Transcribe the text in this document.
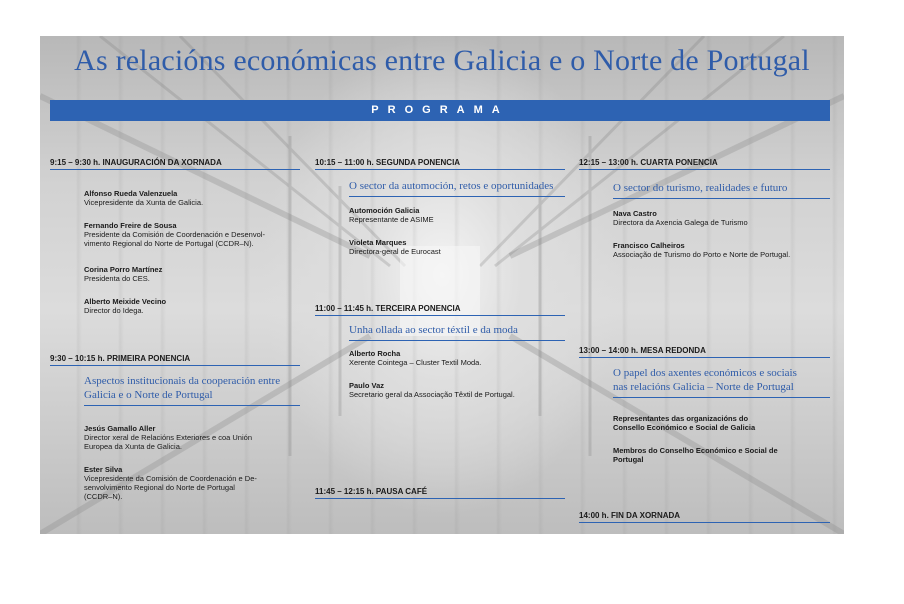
As relacións económicas entre Galicia e o Norte de Portugal
PROGRAMA
9:15 – 9:30 h. INAUGURACIÓN DA XORNADA
Alfonso Rueda Valenzuela
Vicepresidente da Xunta de Galicia.
Fernando Freire de Sousa
Presidente da Comisión de Coordenación e Desenvol-
vimento Regional do Norte de Portugal (CCDR–N).
Corina Porro Martínez
Presidenta do CES.
Alberto Meixide Vecino
Director do Idega.
9:30 – 10:15 h. PRIMEIRA PONENCIA
Aspectos institucionais da cooperación entre
Galicia e o Norte de Portugal
Jesús Gamallo Aller
Director xeral de Relacións Exteriores e coa Unión
Europea da Xunta de Galicia.
Ester Silva
Vicepresidente da Comisión de Coordenación e De-
senvolvimento Regional do Norte de Portugal
(CCDR–N).
10:15 – 11:00 h. SEGUNDA PONENCIA
O sector da automoción, retos e oportunidades
Automoción Galicia
Representante de ASIME
Violeta Marques
Directora-geral de Eurocast
11:00 – 11:45 h. TERCEIRA PONENCIA
Unha ollada ao sector téxtil e da moda
Alberto Rocha
Xerente Cointega – Cluster Textil Moda.
Paulo Vaz
Secretario geral da Associação Têxtil de Portugal.
11:45 – 12:15 h. PAUSA CAFÉ
12:15 – 13:00 h. CUARTA PONENCIA
O sector do turismo, realidades e futuro
Nava Castro
Directora da Axencia Galega de Turismo
Francisco Calheiros
Associação de Turismo do Porto e Norte de Portugal.
13:00 – 14:00 h. MESA REDONDA
O papel dos axentes económicos e sociais
nas relacións Galicia – Norte de Portugal
Representantes das organizacións do
Consello Económico e Social de Galicia
Membros do Conselho Económico e Social de
Portugal
14:00 h. FIN DA XORNADA
